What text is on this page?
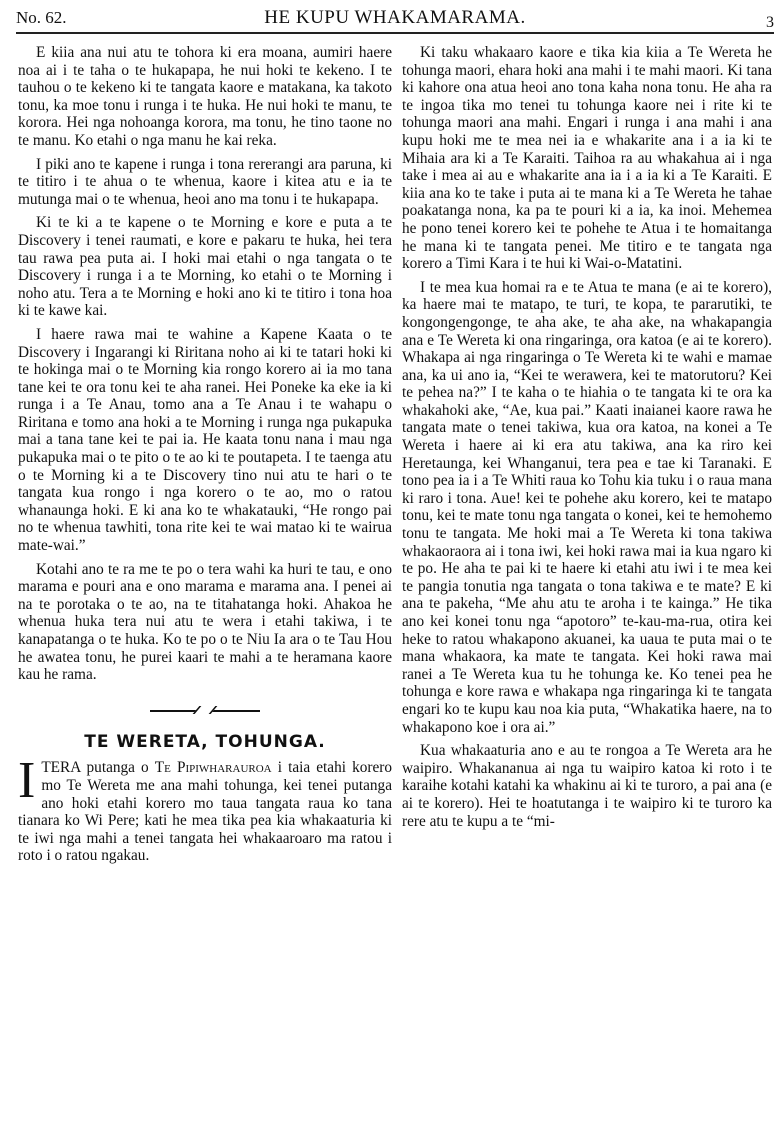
No. 62.	HE KUPU WHAKAMARAMA.	3

E kiia ana nui atu te tohora ki era moana, aumiri haere noa ai i te taha o te hukapapa, he nui hoki te kekeno. I te tauhou o te kekeno ki te tangata kaore e matakana, ka takoto tonu, ka moe tonu i runga i te huka. He nui hoki te manu, te korora. Hei nga nohoanga korora, ma tonu, he tino taone no te manu. Ko etahi o nga manu he kai reka.

I piki ano te kapene i runga i tona rererangi ara paruna, ki te titiro i te ahua o te whenua, kaore i kitea atu e ia te mutunga mai o te whenua, heoi ano ma tonu i te hukapapa.

Ki te ki a te kapene o te Morning e kore e puta a te Discovery i tenei raumati, e kore e pakaru te huka, hei tera tau rawa pea puta ai. I hoki mai etahi o nga tangata o te Discovery i runga i a te Morning, ko etahi o te Morning i noho atu. Tera a te Morning e hoki ano ki te titiro i tona hoa ki te kawe kai.

I haere rawa mai te wahine a Kapene Kaata o te Discovery i Ingarangi ki Riritana noho ai ki te tatari hoki ki te hokinga mai o te Morning kia rongo korero ai ia mo tana tane kei te ora tonu kei te aha ranei. Hei Poneke ka eke ia ki runga i a Te Anau, tomo ana a Te Anau i te wahapu o Riritana e tomo ana hoki a te Morning i runga nga pukapuka mai a tana tane kei te pai ia. He kaata tonu nana i mau nga pukapuka mai o te pito o te ao ki te poutapeta. I te taenga atu o te Morning ki a te Discovery tino nui atu te hari o te tangata kua rongo i nga korero o te ao, mo o ratou whanaunga hoki. E ki ana ko te whakatauki, “He rongo pai no te whenua tawhiti, tona rite kei te wai matao ki te wairua mate-wai.”

Kotahi ano te ra me te po o tera wahi ka huri te tau, e ono marama e pouri ana e ono marama e marama ana. I penei ai na te porotaka o te ao, na te titahatanga hoki. Ahakoa he whenua huka tera nui atu te wera i etahi takiwa, i te kanapatanga o te huka. Ko te po o te Niu Ia ara o te Tau Hou he awatea tonu, he purei kaari te mahi a te heramana kaore kau he rama.

TE WERETA, TOHUNGA.

ITERA putanga o Te Pipiwharauroa i taia etahi korero mo Te Wereta me ana mahi tohunga, kei tenei putanga ano hoki etahi korero mo taua tangata raua ko tana tianara ko Wi Pere; kati he mea tika pea kia whakaaturia ki te iwi nga mahi a tenei tangata hei whakaaroaro ma ratou i roto i o ratou ngakau.

Ki taku whakaaro kaore e tika kia kiia a Te Wereta he tohunga maori, ehara hoki ana mahi i te mahi maori. Ki tana ki kahore ona atua heoi ano tona kaha nona tonu. He aha ra te ingoa tika mo tenei tu tohunga kaore nei i rite ki te tohunga maori ana mahi. Engari i runga i ana mahi i ana kupu hoki me te mea nei ia e whakarite ana i a ia ki te Mihaia ara ki a Te Karaiti. Taihoa ra au whakahua ai i nga take i mea ai au e whakarite ana ia i a ia ki a Te Karaiti. E kiia ana ko te take i puta ai te mana ki a Te Wereta he tahae poakatanga nona, ka pa te pouri ki a ia, ka inoi. Mehemea he pono tenei korero kei te pohehe te Atua i te homaitanga he mana ki te tangata penei. Me titiro e te tangata nga korero a Timi Kara i te hui ki Wai-o-Matatini.

I te mea kua homai ra e te Atua te mana (e ai te korero), ka haere mai te matapo, te turi, te kopa, te pararutiki, te kongongengonge, te aha ake, te aha ake, na whakapangia ana e Te Wereta ki ona ringaringa, ora katoa (e ai te korero). Whakapa ai nga ringaringa o Te Wereta ki te wahi e mamae ana, ka ui ano ia, “Kei te werawera, kei te matorutoru? Kei te pehea na?” I te kaha o te hiahia o te tangata ki te ora ka whakahoki ake, “Ae, kua pai.” Kaati inaianei kaore rawa he tangata mate o tenei takiwa, kua ora katoa, na konei a Te Wereta i haere ai ki era atu takiwa, ana ka riro kei Heretaunga, kei Whanganui, tera pea e tae ki Taranaki. E tono pea ia i a Te Whiti raua ko Tohu kia tuku i o raua mana ki raro i tona. Aue! kei te pohehe aku korero, kei te matapo tonu, kei te mate tonu nga tangata o konei, kei te hemohemo tonu te tangata. Me hoki mai a Te Wereta ki tona takiwa whakaoraora ai i tona iwi, kei hoki rawa mai ia kua ngaro ki te po. He aha te pai ki te haere ki etahi atu iwi i te mea kei te pangia tonutia nga tangata o tona takiwa e te mate? E ki ana te pakeha, “Me ahu atu te aroha i te kainga.” He tika ano kei konei tonu nga “apotoro” te-kau-ma-rua, otira kei heke to ratou whakapono akuanei, ka uaua te puta mai o te mana whakaora, ka mate te tangata. Kei hoki rawa mai ranei a Te Wereta kua tu he tohunga ke. Ko tenei pea he tohunga e kore rawa e whakapa nga ringaringa ki te tangata engari ko te kupu kau noa kia puta, “Whakatika haere, na to whakapono koe i ora ai.”

Kua whakaaturia ano e au te rongoa a Te Wereta ara he waipiro. Whakananua ai nga tu waipiro katoa ki roto i te karaihe kotahi katahi ka whakinu ai ki te turoro, a pai ana (e ai te korero). Hei te hoatutanga i te waipiro ki te turoro ka rere atu te kupu a te “mi-
